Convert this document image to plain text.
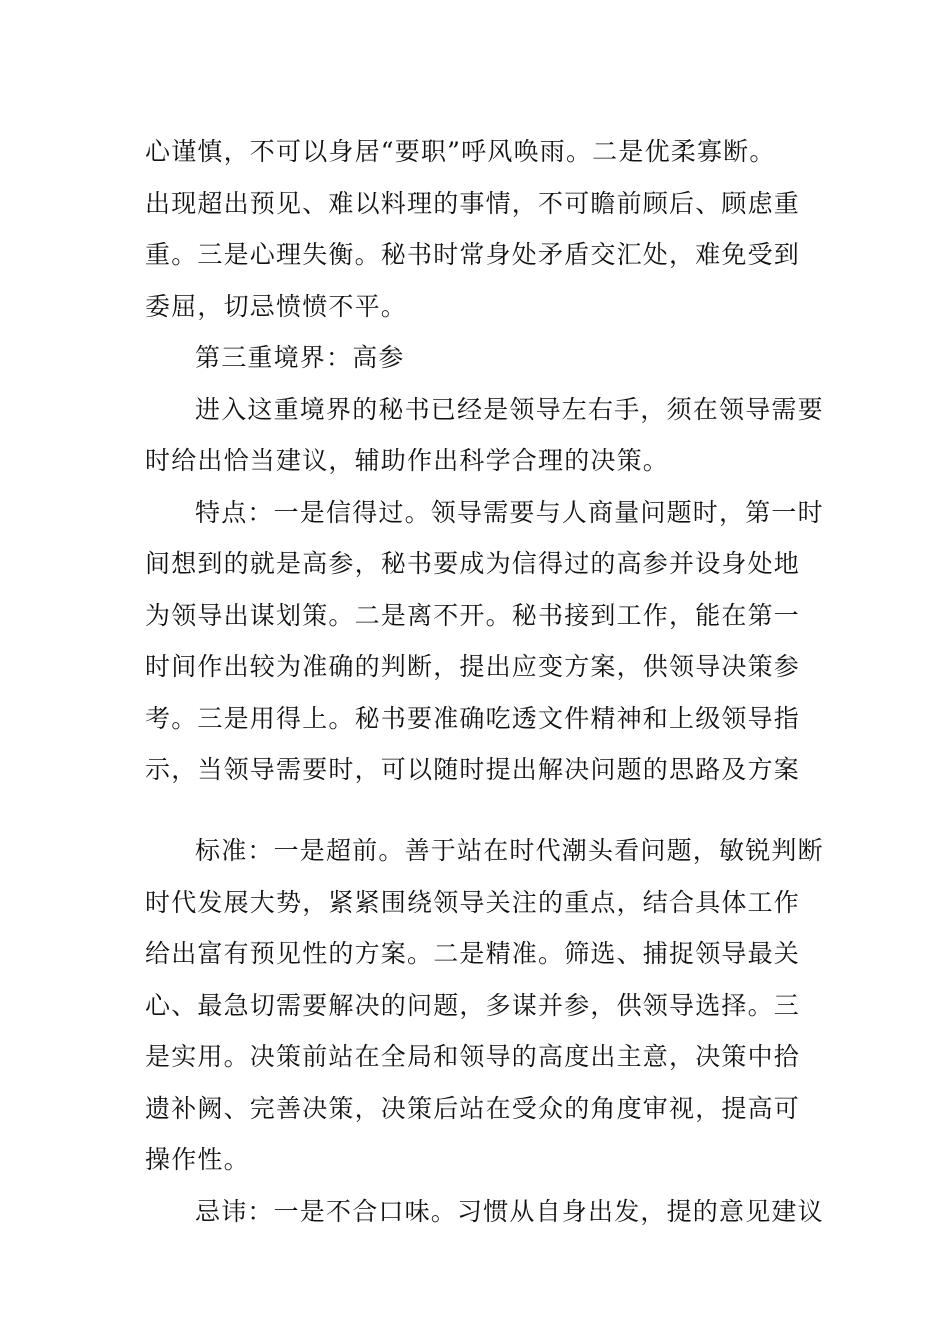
心谨慎，不可以身居“要职”呼风唤雨。二是优柔寡断。
出现超出预见、难以料理的事情，不可瞻前顾后、顾虑重
重。三是心理失衡。秘书时常身处矛盾交汇处，难免受到
委屈，切忌愤愤不平。
第三重境界：高参
进入这重境界的秘书已经是领导左右手，须在领导需要
时给出恰当建议，辅助作出科学合理的决策。
特点：一是信得过。领导需要与人商量问题时，第一时
间想到的就是高参，秘书要成为信得过的高参并设身处地
为领导出谋划策。二是离不开。秘书接到工作，能在第一
时间作出较为准确的判断，提出应变方案，供领导决策参
考。三是用得上。秘书要准确吃透文件精神和上级领导指
示，当领导需要时，可以随时提出解决问题的思路及方案
标准：一是超前。善于站在时代潮头看问题，敏锐判断
时代发展大势，紧紧围绕领导关注的重点，结合具体工作
给出富有预见性的方案。二是精准。筛选、捕捉领导最关
心、最急切需要解决的问题，多谋并参，供领导选择。三
是实用。决策前站在全局和领导的高度出主意，决策中拾
遗补阙、完善决策，决策后站在受众的角度审视，提高可
操作性。
忌讳：一是不合口味。习惯从自身出发，提的意见建议
